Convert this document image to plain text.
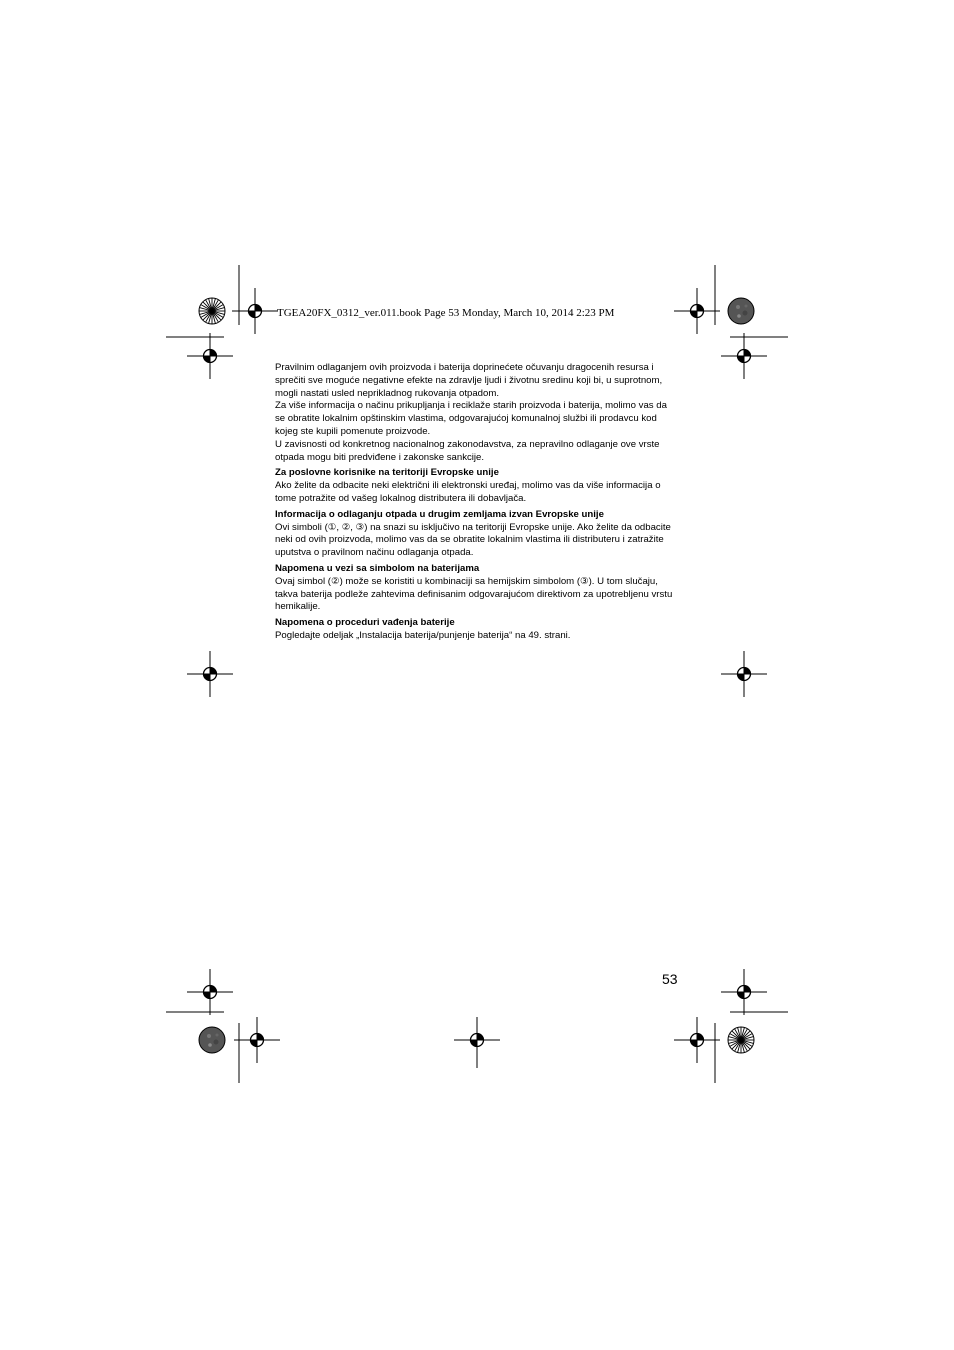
TGEA20FX_0312_ver.011.book Page 53 Monday, March 10, 2014 2:23 PM

Pravilnim odlaganjem ovih proizvoda i baterija doprinećete očuvanju dragocenih resursa i sprečiti sve moguće negativne efekte na zdravlje ljudi i životnu sredinu koji bi, u suprotnom, mogli nastati usled neprikladnog rukovanja otpadom.

Za više informacija o načinu prikupljanja i reciklaže starih proizvoda i baterija, molimo vas da se obratite lokalnim opštinskim vlastima, odgovarajućoj komunalnoj službi ili prodavcu kod kojeg ste kupili pomenute proizvode.

U zavisnosti od konkretnog nacionalnog zakonodavstva, za nepravilno odlaganje ove vrste otpada mogu biti predviđene i zakonske sankcije.

Za poslovne korisnike na teritoriji Evropske unije

Ako želite da odbacite neki električni ili elektronski uređaj, molimo vas da više informacija o tome potražite od vašeg lokalnog distributera ili dobavljača.

Informacija o odlaganju otpada u drugim zemljama izvan Evropske unije

Ovi simboli (①, ②, ③) na snazi su isključivo na teritoriji Evropske unije. Ako želite da odbacite neki od ovih proizvoda, molimo vas da se obratite lokalnim vlastima ili distributeru i zatražite uputstva o pravilnom načinu odlaganja otpada.

Napomena u vezi sa simbolom na baterijama

Ovaj simbol (②) može se koristiti u kombinaciji sa hemijskim simbolom (③). U tom slučaju, takva baterija podleže zahtevima definisanim odgovarajućom direktivom za upotrebljenu vrstu hemikalije.

Napomena o proceduri vađenja baterije

Pogledajte odeljak „Instalacija baterija/punjenje baterija“ na 49. strani.

53
